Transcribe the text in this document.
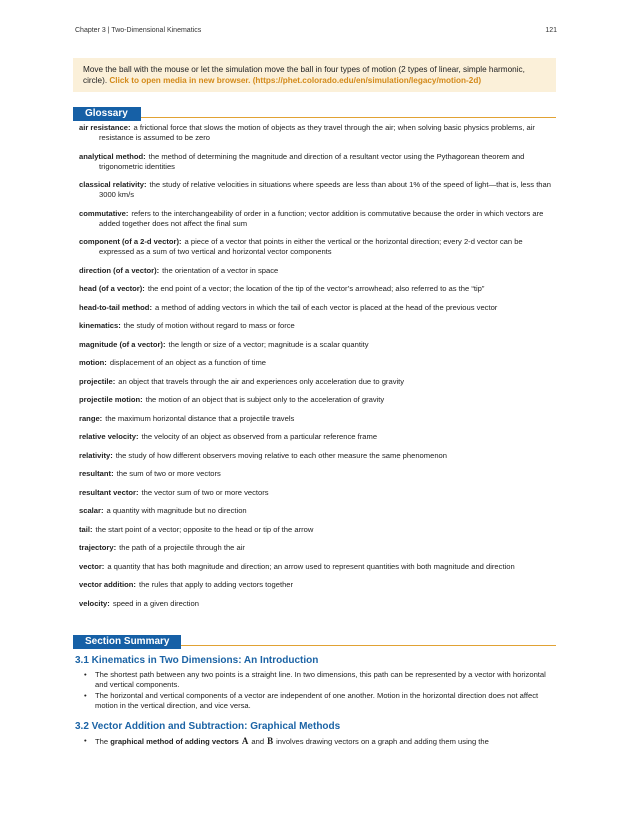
Chapter 3 | Two-Dimensional Kinematics	121
Move the ball with the mouse or let the simulation move the ball in four types of motion (2 types of linear, simple harmonic, circle). Click to open media in new browser. (https://phet.colorado.edu/en/simulation/legacy/motion-2d)
Glossary
air resistance: a frictional force that slows the motion of objects as they travel through the air; when solving basic physics problems, air resistance is assumed to be zero
analytical method: the method of determining the magnitude and direction of a resultant vector using the Pythagorean theorem and trigonometric identities
classical relativity: the study of relative velocities in situations where speeds are less than about 1% of the speed of light—that is, less than 3000 km/s
commutative: refers to the interchangeability of order in a function; vector addition is commutative because the order in which vectors are added together does not affect the final sum
component (of a 2-d vector): a piece of a vector that points in either the vertical or the horizontal direction; every 2-d vector can be expressed as a sum of two vertical and horizontal vector components
direction (of a vector): the orientation of a vector in space
head (of a vector): the end point of a vector; the location of the tip of the vector’s arrowhead; also referred to as the “tip”
head-to-tail method: a method of adding vectors in which the tail of each vector is placed at the head of the previous vector
kinematics: the study of motion without regard to mass or force
magnitude (of a vector): the length or size of a vector; magnitude is a scalar quantity
motion: displacement of an object as a function of time
projectile: an object that travels through the air and experiences only acceleration due to gravity
projectile motion: the motion of an object that is subject only to the acceleration of gravity
range: the maximum horizontal distance that a projectile travels
relative velocity: the velocity of an object as observed from a particular reference frame
relativity: the study of how different observers moving relative to each other measure the same phenomenon
resultant: the sum of two or more vectors
resultant vector: the vector sum of two or more vectors
scalar: a quantity with magnitude but no direction
tail: the start point of a vector; opposite to the head or tip of the arrow
trajectory: the path of a projectile through the air
vector: a quantity that has both magnitude and direction; an arrow used to represent quantities with both magnitude and direction
vector addition: the rules that apply to adding vectors together
velocity: speed in a given direction
Section Summary
3.1 Kinematics in Two Dimensions: An Introduction
• The shortest path between any two points is a straight line. In two dimensions, this path can be represented by a vector with horizontal and vertical components.
• The horizontal and vertical components of a vector are independent of one another. Motion in the horizontal direction does not affect motion in the vertical direction, and vice versa.
3.2 Vector Addition and Subtraction: Graphical Methods
• The graphical method of adding vectors A and B involves drawing vectors on a graph and adding them using the
